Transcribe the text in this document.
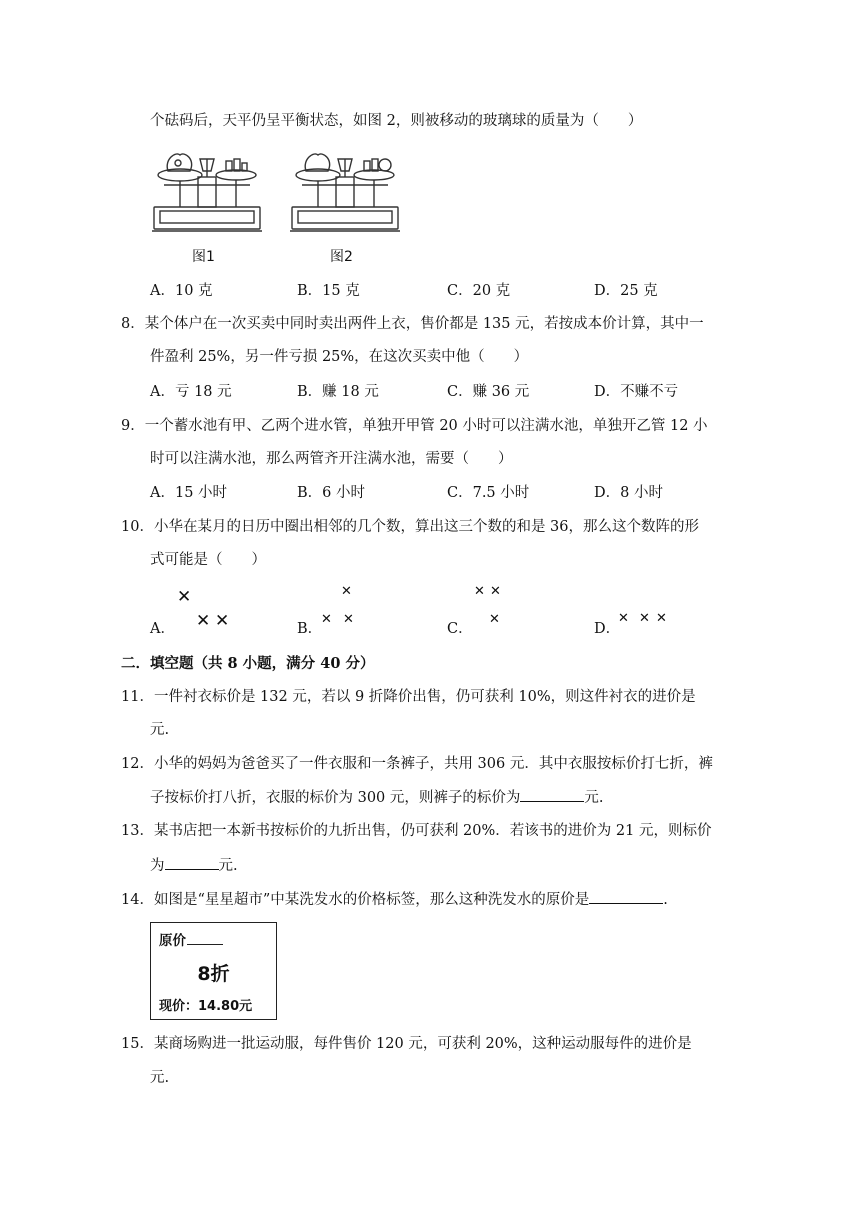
个砝码后，天平仍呈平衡状态，如图 2，则被移动的玻璃球的质量为（　　）
图1	图2
A．10 克	B．15 克	C．20 克	D．25 克
8．某个体户在一次买卖中同时卖出两件上衣，售价都是 135 元，若按成本价计算，其中一
件盈利 25%，另一件亏损 25%，在这次买卖中他（　　）
A．亏 18 元	B．赚 18 元	C．赚 36 元	D．不赚不亏
9．一个蓄水池有甲、乙两个进水管，单独开甲管 20 小时可以注满水池，单独开乙管 12 小
时可以注满水池，那么两管齐开注满水池，需要（　　）
A．15 小时	B．6 小时	C．7.5 小时	D．8 小时
10．小华在某月的日历中圈出相邻的几个数，算出这三个数的和是 36，那么这个数阵的形
式可能是（　　）
A．	B．	C．	D．
✕
✕ ✕
✕
✕ ✕
✕ ✕
✕	✕ ✕ ✕
二．填空题（共 8 小题，满分 40 分）
11．一件衬衣标价是 132 元，若以 9 折降价出售，仍可获利 10%，则这件衬衣的进价是
元.
12．小华的妈妈为爸爸买了一件衣服和一条裤子，共用 306 元．其中衣服按标价打七折，裤
子按标价打八折，衣服的标价为 300 元，则裤子的标价为	元.
13．某书店把一本新书按标价的九折出售，仍可获利 20%．若该书的进价为 21 元，则标价
为	元.
14．如图是“星星超市”中某洗发水的价格标签，那么这种洗发水的原价是	.
原价
8折
现价：14.80元
15．某商场购进一批运动服，每件售价 120 元，可获利 20%，这种运动服每件的进价是
元.
